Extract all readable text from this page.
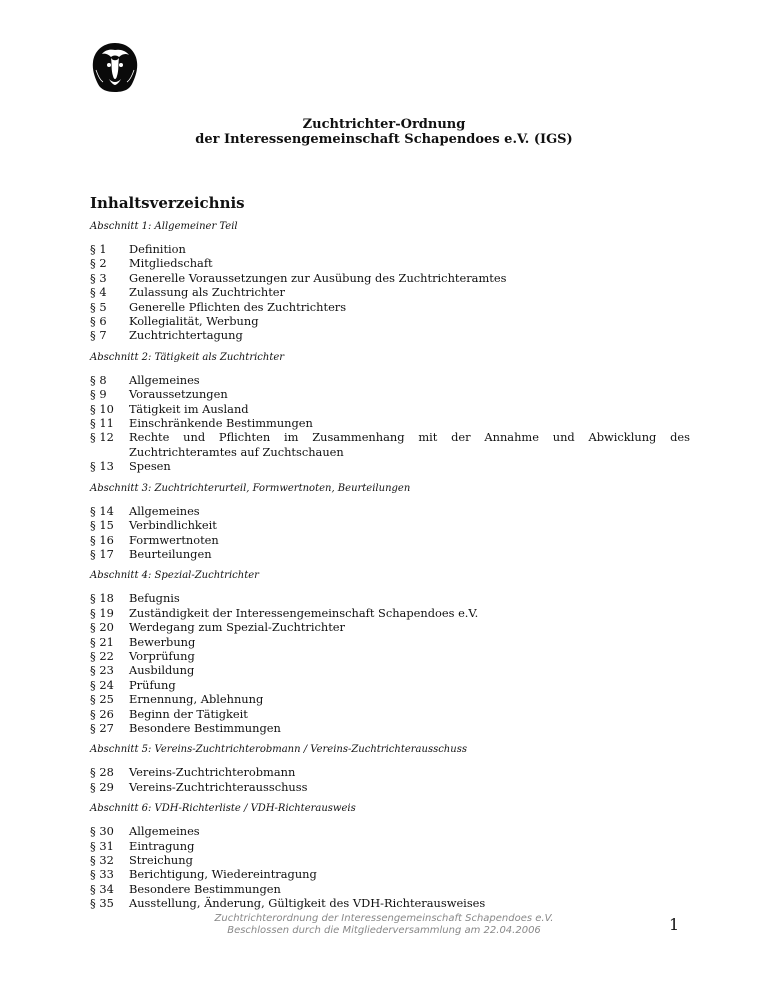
Zuchtrichter-Ordnung
der Interessengemeinschaft Schapendoes e.V. (IGS)
Inhaltsverzeichnis
Abschnitt 1: Allgemeiner Teil
§ 1	Definition
§ 2	Mitgliedschaft
§ 3	Generelle Voraussetzungen zur Ausübung des Zuchtrichteramtes
§ 4	Zulassung als Zuchtrichter
§ 5	Generelle Pflichten des Zuchtrichters
§ 6	Kollegialität, Werbung
§ 7	Zuchtrichtertagung
Abschnitt 2: Tätigkeit als Zuchtrichter
§ 8	Allgemeines
§ 9	Voraussetzungen
§ 10	Tätigkeit im Ausland
§ 11	Einschränkende Bestimmungen
§ 12	Rechte und Pflichten im Zusammenhang mit der Annahme und Abwicklung des Zuchtrichteramtes auf Zuchtschauen
§ 13	Spesen
Abschnitt 3: Zuchtrichterurteil, Formwertnoten, Beurteilungen
§ 14	Allgemeines
§ 15	Verbindlichkeit
§ 16	Formwertnoten
§ 17	Beurteilungen
Abschnitt 4: Spezial-Zuchtrichter
§ 18	Befugnis
§ 19	Zuständigkeit der Interessengemeinschaft Schapendoes e.V.
§ 20	Werdegang zum Spezial-Zuchtrichter
§ 21	Bewerbung
§ 22	Vorprüfung
§ 23	Ausbildung
§ 24	Prüfung
§ 25	Ernennung, Ablehnung
§ 26	Beginn der Tätigkeit
§ 27	Besondere Bestimmungen
Abschnitt 5: Vereins-Zuchtrichterobmann / Vereins-Zuchtrichterausschuss
§ 28	Vereins-Zuchtrichterobmann
§ 29	Vereins-Zuchtrichterausschuss
Abschnitt 6: VDH-Richterliste / VDH-Richterausweis
§ 30	Allgemeines
§ 31	Eintragung
§ 32	Streichung
§ 33	Berichtigung, Wiedereintragung
§ 34	Besondere Bestimmungen
§ 35	Ausstellung, Änderung, Gültigkeit des VDH-Richterausweises
Zuchtrichterordnung der Interessengemeinschaft Schapendoes e.V.
Beschlossen durch die Mitgliederversammlung am 22.04.2006	1
